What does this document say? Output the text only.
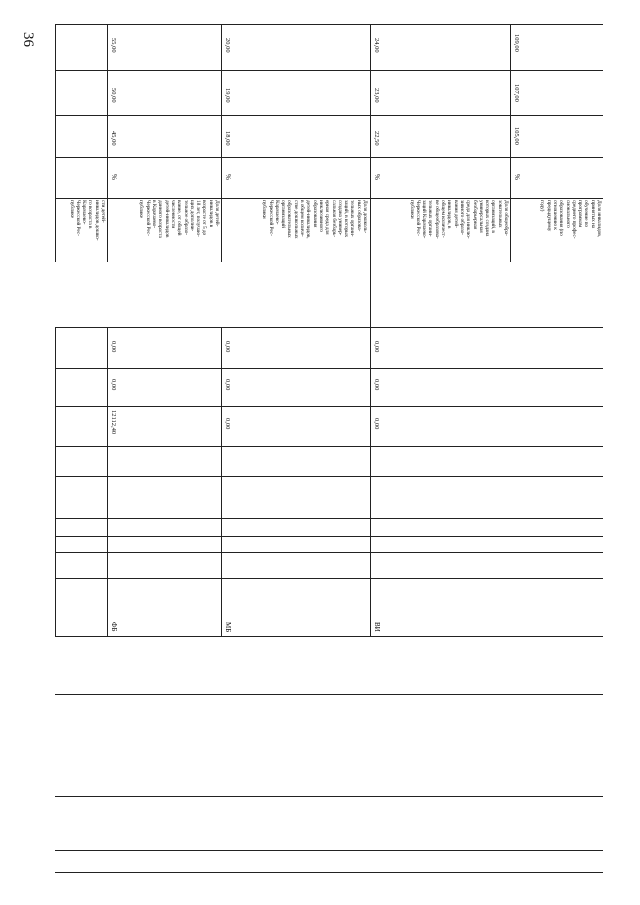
36
сти детей-
инвалидов дошко-
го возраста в
Карачаево-
Черкесской Рес-
публике	Доля детей-
инвалидов в
возрасте от 5 до
18 лет, получаю-
щих дополни-
тельное образо-
вание, от общей
численности
детей-инвалидов
данного возраста
в Карачаево-
Черкесской Рес-
публике
%
45,00
50,00
55,00
Доля дошколь-
ных образова-
тельных органи-
заций, в которых
создана универ-
сальная безбарь-
ерная среда для
инклюзивного
образования
детей-инвалидов,
в общем количе-
стве дошкольных
образовательных
организаций
Карачаево-
Черкесской Рес-
публики
%
18,00
19,00
20,00
Доля общеобра-
зовательных
организаций, в
которых создана
универсальная
безбарьерная
среда для инклю-
зивного образо-
вания детей-
инвалидов, в
общем количест-
ве общеобразова-
тельных органи-
заций Карачаево-
Черкесской Рес-
публики
%
22,50
23,00
24,00
Доля инвалидов,
принятых на
обучение по
программам
среднего профес-
сионального
образования (по
отношению к
предыдущему
году)
%
105,00
107,00
109,00
12112,40
0,00
0,00
ФБ
0,00
0,00
0,00
МБ
0,00
0,00
0,00
ВИ
